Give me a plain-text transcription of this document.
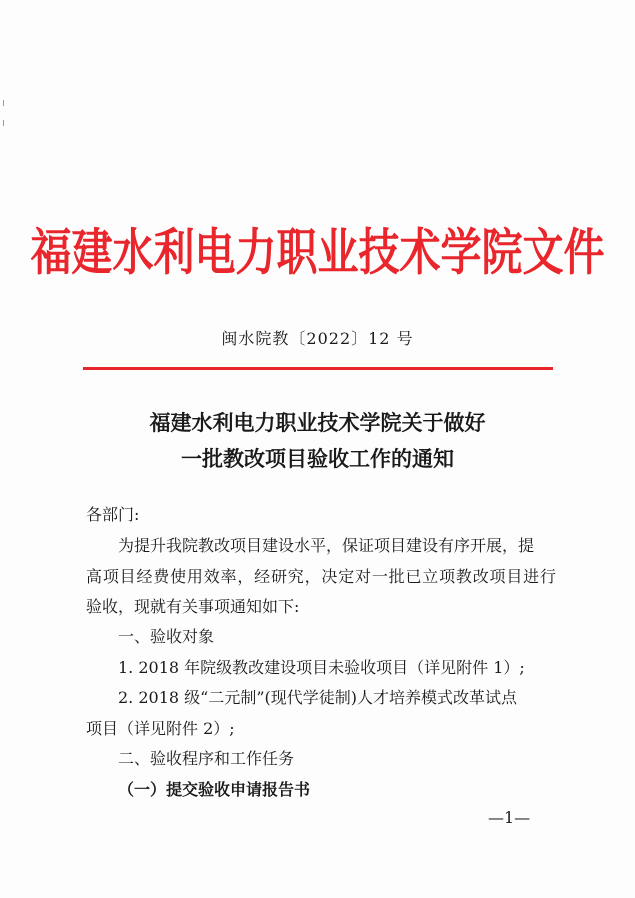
福建水利电力职业技术学院文件
闽水院教〔2022〕12 号
福建水利电力职业技术学院关于做好
一批教改项目验收工作的通知
各部门:
为提升我院教改项目建设水平，保证项目建设有序开展，提
高项目经费使用效率，经研究，决定对一批已立项教改项目进行
验收，现就有关事项通知如下:
一、验收对象
1. 2018 年院级教改建设项目未验收项目（详见附件 1）;
2. 2018 级“二元制”(现代学徒制)人才培养模式改革试点
项目（详见附件 2）;
二、验收程序和工作任务
（一）提交验收申请报告书
—1—
